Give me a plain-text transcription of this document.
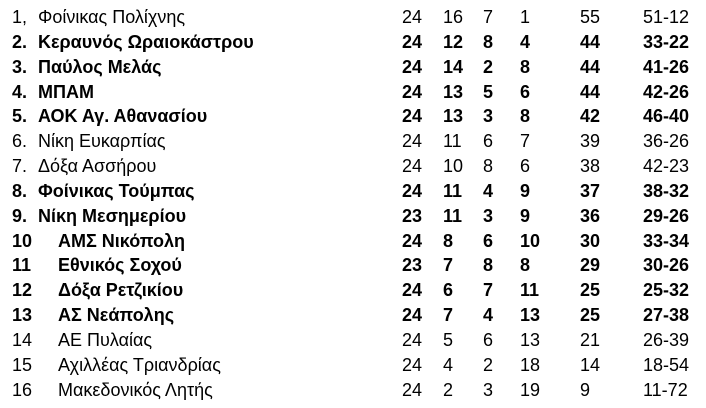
1, Φοίνικας Πολίχνης	24	16	7	1	55	51-12
2. Κεραυνός Ωραιοκάστρου	24	12	8	4	44	33-22
3. Παύλος Μελάς	24	14	2	8	44	41-26
4. ΜΠΑΜ	24	13	5	6	44	42-26
5. ΑΟΚ Αγ. Αθανασίου	24	13	3	8	42	46-40
6. Νίκη Ευκαρπίας	24	11	6	7	39	36-26
7. Δόξα Ασσήρου	24	10	8	6	38	42-23
8. Φοίνικας Τούμπας	24	11	4	9	37	38-32
9. Νίκη Μεσημερίου	23	11	3	9	36	29-26
10	ΑΜΣ Νικόπολη	24	8	6	10	30	33-34
11	Εθνικός Σοχού	23	7	8	8	29	30-26
12	Δόξα Ρετζικίου	24	6	7	11	25	25-32
13	ΑΣ Νεάπολης	24	7	4	13	25	27-38
14	ΑΕ Πυλαίας	24	5	6	13	21	26-39
15	Αχιλλέας Τριανδρίας	24	4	2	18	14	18-54
16	Μακεδονικός Λητής	24	2	3	19	9	11-72
